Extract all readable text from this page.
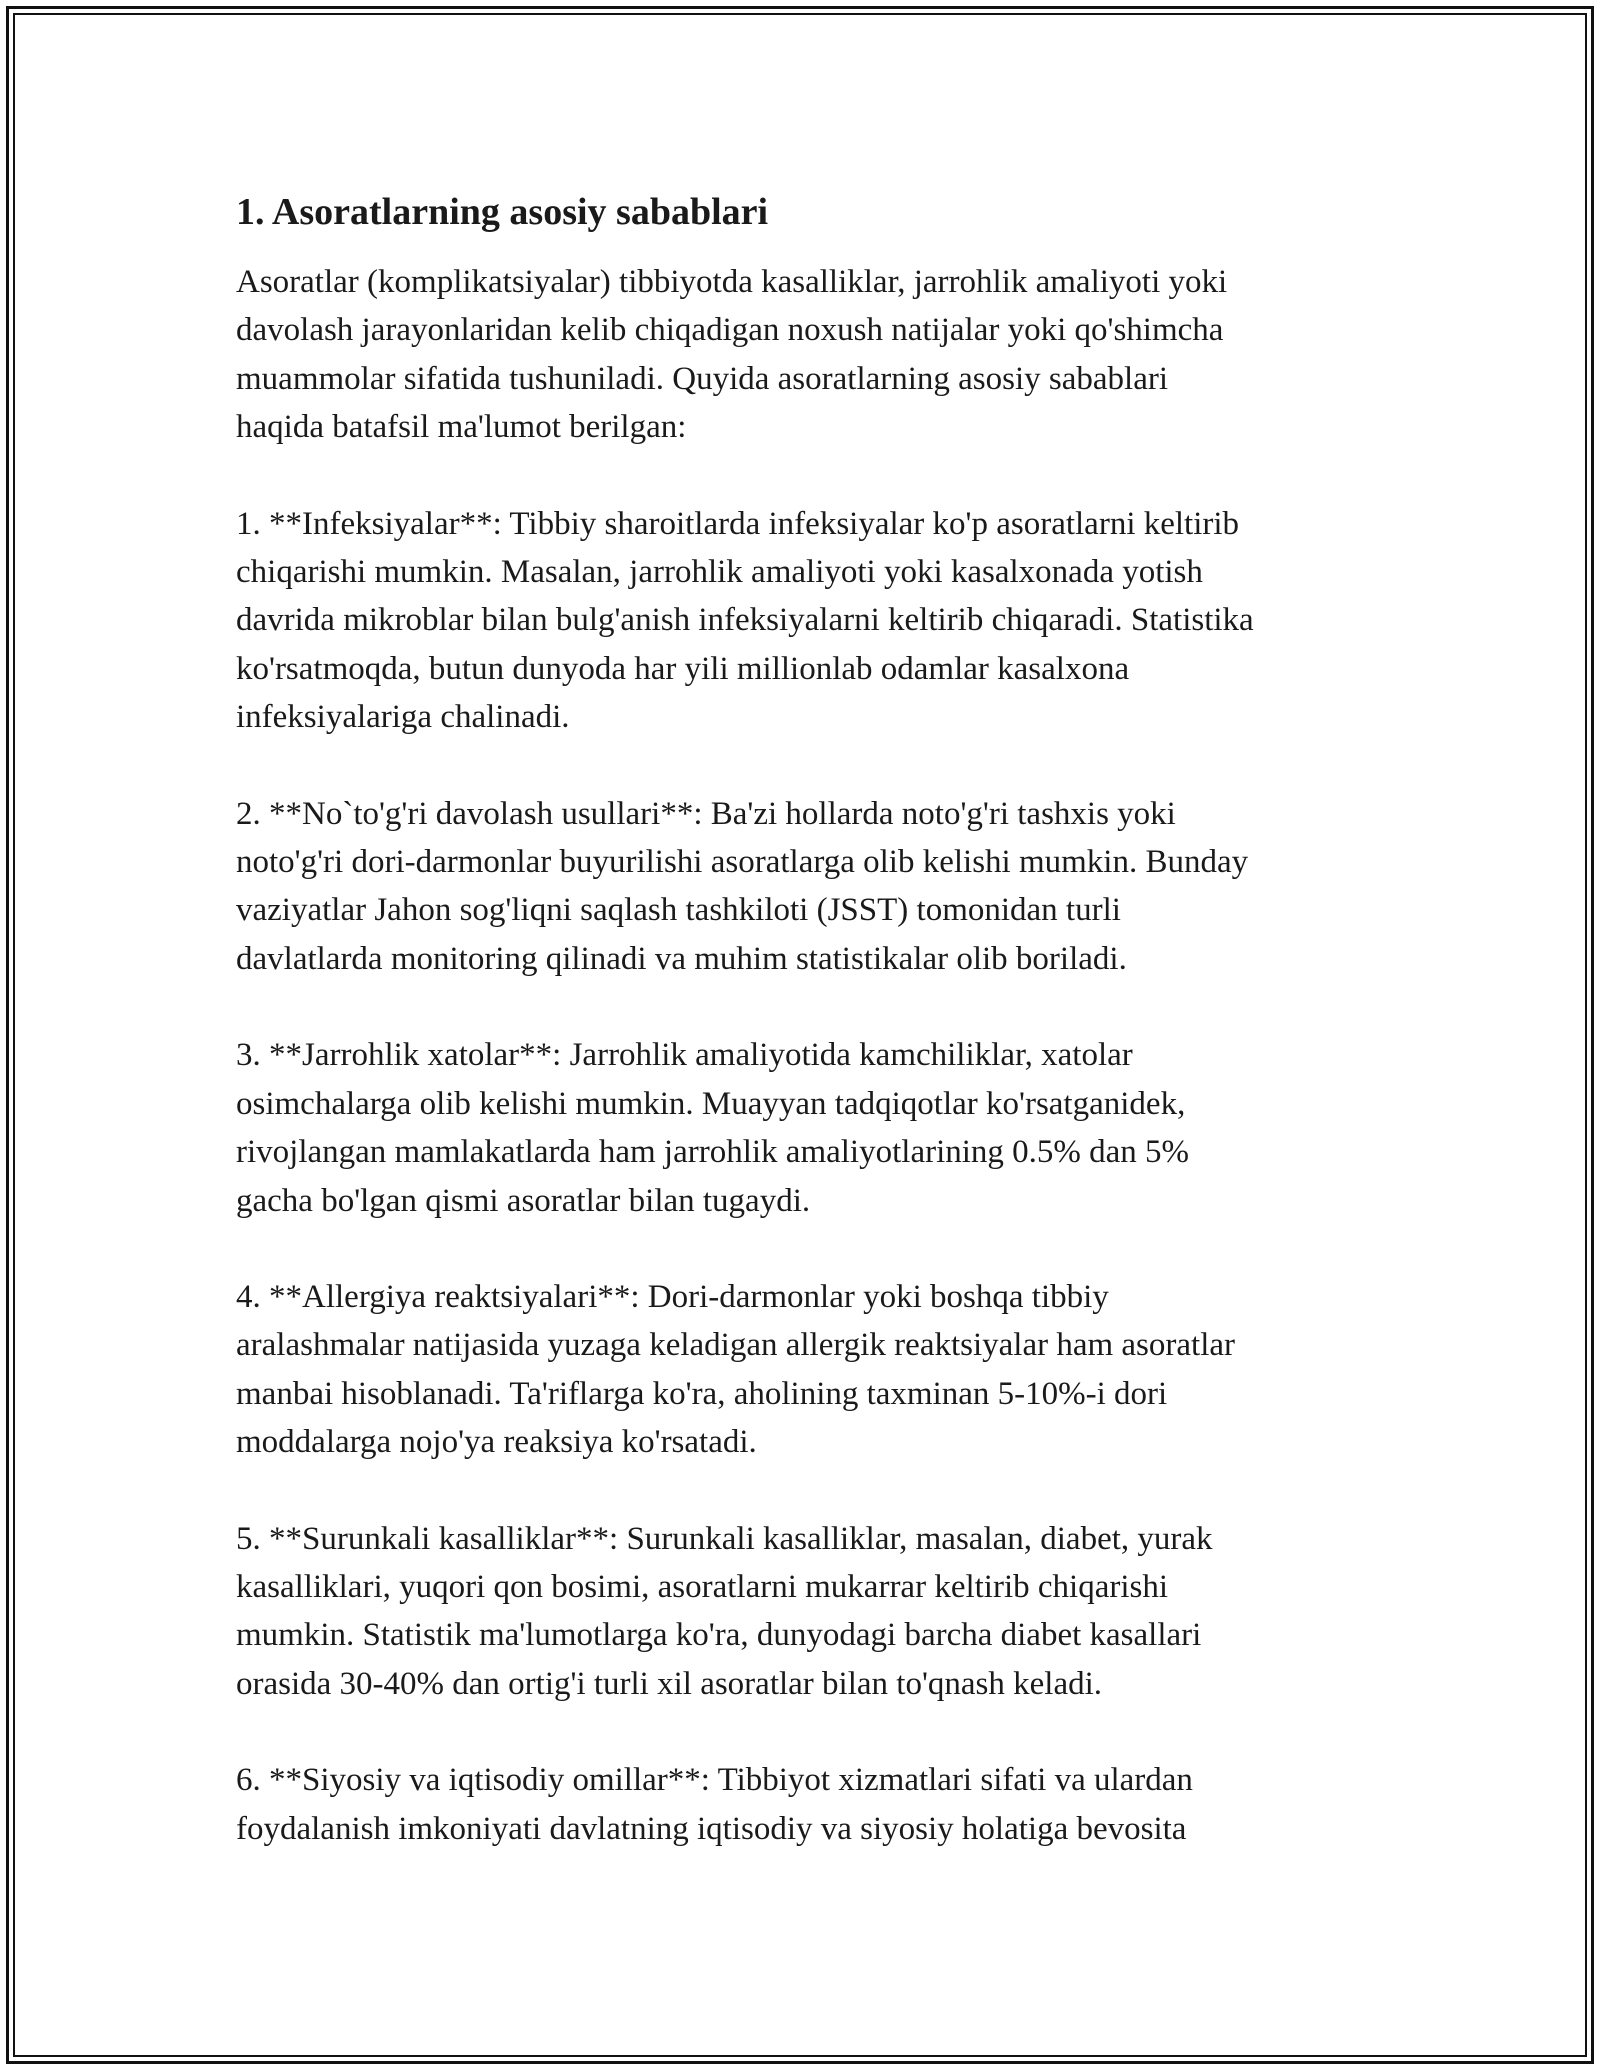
1. Asoratlarning asosiy sabablari

Asoratlar (komplikatsiyalar) tibbiyotda kasalliklar, jarrohlik amaliyoti yoki
davolash jarayonlaridan kelib chiqadigan noxush natijalar yoki qo'shimcha
muammolar sifatida tushuniladi. Quyida asoratlarning asosiy sabablari
haqida batafsil ma'lumot berilgan:

1. **Infeksiyalar**: Tibbiy sharoitlarda infeksiyalar ko'p asoratlarni keltirib
chiqarishi mumkin. Masalan, jarrohlik amaliyoti yoki kasalxonada yotish
davrida mikroblar bilan bulg'anish infeksiyalarni keltirib chiqaradi. Statistika
ko'rsatmoqda, butun dunyoda har yili millionlab odamlar kasalxona
infeksiyalariga chalinadi.

2. **No`to'g'ri davolash usullari**: Ba'zi hollarda noto'g'ri tashxis yoki
noto'g'ri dori-darmonlar buyurilishi asoratlarga olib kelishi mumkin. Bunday
vaziyatlar Jahon sog'liqni saqlash tashkiloti (JSST) tomonidan turli
davlatlarda monitoring qilinadi va muhim statistikalar olib boriladi.

3. **Jarrohlik xatolar**: Jarrohlik amaliyotida kamchiliklar, xatolar
osimchalarga olib kelishi mumkin. Muayyan tadqiqotlar ko'rsatganidek,
rivojlangan mamlakatlarda ham jarrohlik amaliyotlarining 0.5% dan 5%
gacha bo'lgan qismi asoratlar bilan tugaydi.

4. **Allergiya reaktsiyalari**: Dori-darmonlar yoki boshqa tibbiy
aralashmalar natijasida yuzaga keladigan allergik reaktsiyalar ham asoratlar
manbai hisoblanadi. Ta'riflarga ko'ra, aholining taxminan 5-10%-i dori
moddalarga nojo'ya reaksiya ko'rsatadi.

5. **Surunkali kasalliklar**: Surunkali kasalliklar, masalan, diabet, yurak
kasalliklari, yuqori qon bosimi, asoratlarni mukarrar keltirib chiqarishi
mumkin. Statistik ma'lumotlarga ko'ra, dunyodagi barcha diabet kasallari
orasida 30-40% dan ortig'i turli xil asoratlar bilan to'qnash keladi.

6. **Siyosiy va iqtisodiy omillar**: Tibbiyot xizmatlari sifati va ulardan
foydalanish imkoniyati davlatning iqtisodiy va siyosiy holatiga bevosita
